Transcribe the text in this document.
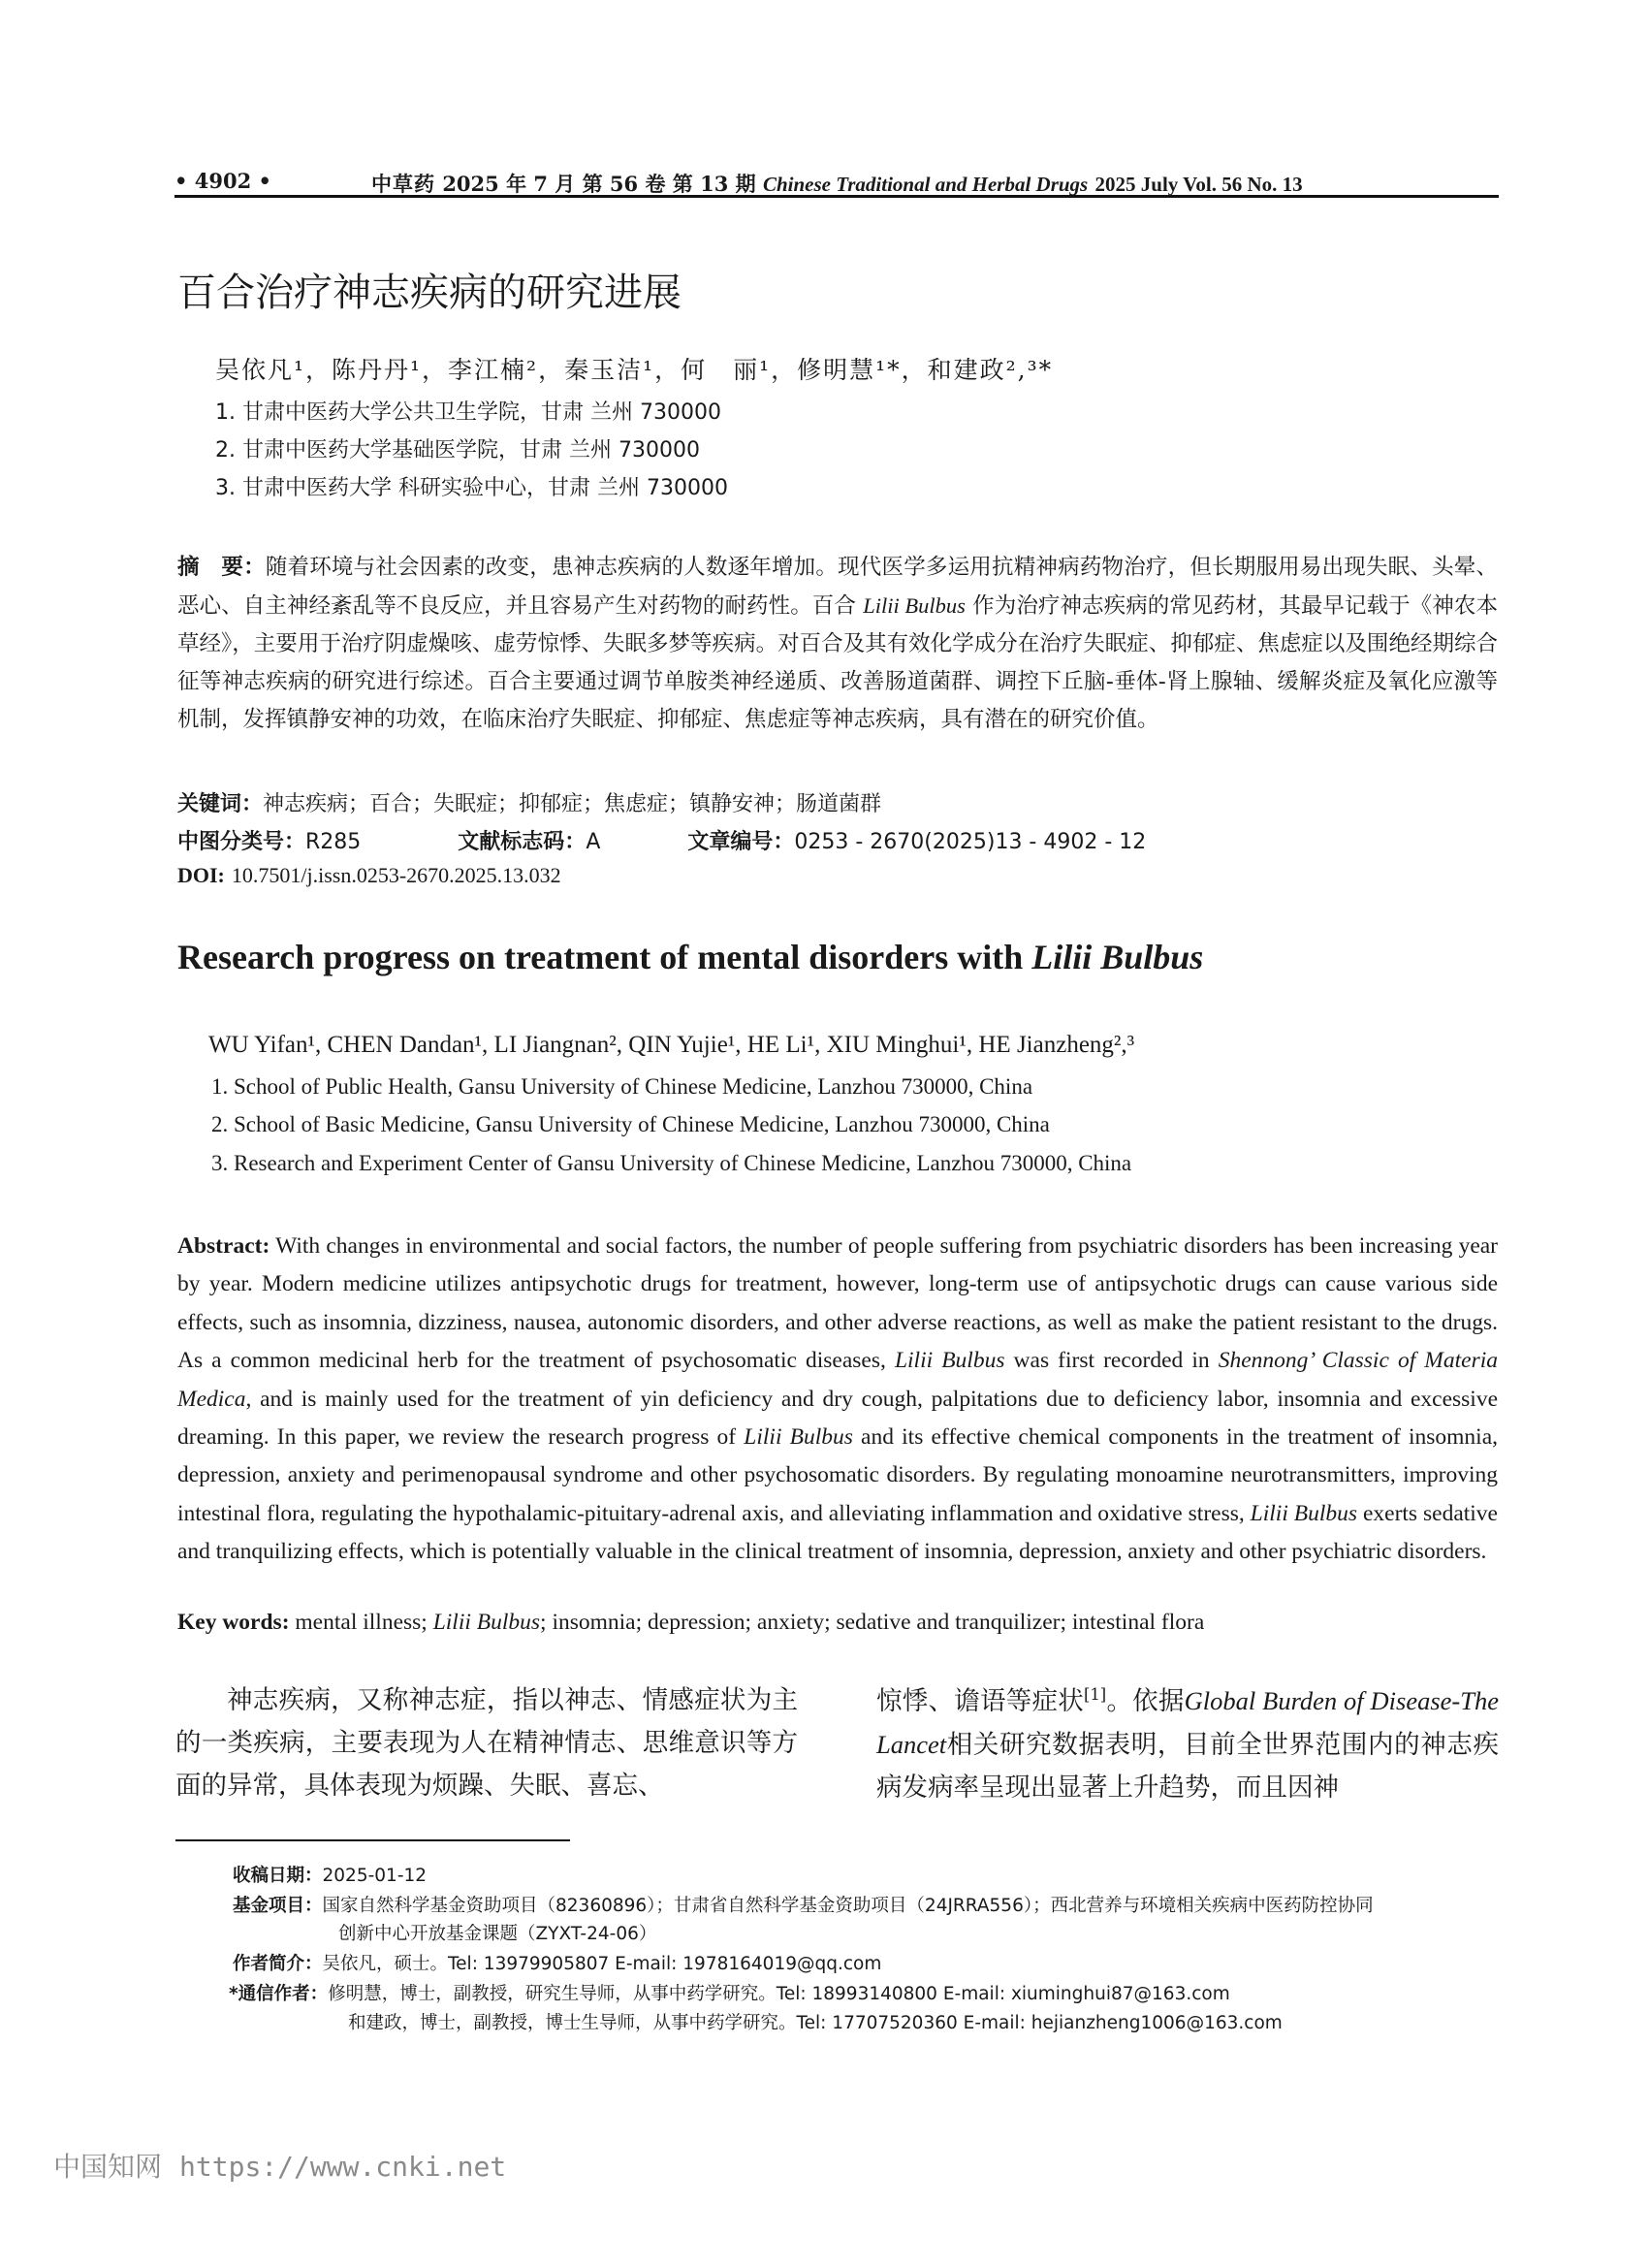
• 4902 •	中草药 2025 年 7 月 第 56 卷 第 13 期 Chinese Traditional and Herbal Drugs 2025 July Vol. 56 No. 13
百合治疗神志疾病的研究进展
吴依凡¹，陈丹丹¹，李江楠²，秦玉洁¹，何　丽¹，修明慧¹*，和建政²,³*
1. 甘肃中医药大学公共卫生学院，甘肃 兰州 730000
2. 甘肃中医药大学基础医学院，甘肃 兰州 730000
3. 甘肃中医药大学 科研实验中心，甘肃 兰州 730000
摘　要：随着环境与社会因素的改变，患神志疾病的人数逐年增加。现代医学多运用抗精神病药物治疗，但长期服用易出现失眠、头晕、恶心、自主神经紊乱等不良反应，并且容易产生对药物的耐药性。百合 Lilii Bulbus 作为治疗神志疾病的常见药材，其最早记载于《神农本草经》，主要用于治疗阴虚燥咳、虚劳惊悸、失眠多梦等疾病。对百合及其有效化学成分在治疗失眠症、抑郁症、焦虑症以及围绝经期综合征等神志疾病的研究进行综述。百合主要通过调节单胺类神经递质、改善肠道菌群、调控下丘脑-垂体-肾上腺轴、缓解炎症及氧化应激等机制，发挥镇静安神的功效，在临床治疗失眠症、抑郁症、焦虑症等神志疾病，具有潜在的研究价值。
关键词：神志疾病；百合；失眠症；抑郁症；焦虑症；镇静安神；肠道菌群
中图分类号：R285	文献标志码：A	文章编号：0253 - 2670(2025)13 - 4902 - 12
DOI: 10.7501/j.issn.0253-2670.2025.13.032
Research progress on treatment of mental disorders with Lilii Bulbus
WU Yifan¹, CHEN Dandan¹, LI Jiangnan², QIN Yujie¹, HE Li¹, XIU Minghui¹, HE Jianzheng²,³
1. School of Public Health, Gansu University of Chinese Medicine, Lanzhou 730000, China
2. School of Basic Medicine, Gansu University of Chinese Medicine, Lanzhou 730000, China
3. Research and Experiment Center of Gansu University of Chinese Medicine, Lanzhou 730000, China
Abstract: With changes in environmental and social factors, the number of people suffering from psychiatric disorders has been increasing year by year. Modern medicine utilizes antipsychotic drugs for treatment, however, long-term use of antipsychotic drugs can cause various side effects, such as insomnia, dizziness, nausea, autonomic disorders, and other adverse reactions, as well as make the patient resistant to the drugs. As a common medicinal herb for the treatment of psychosomatic diseases, Lilii Bulbus was first recorded in Shennong’ Classic of Materia Medica, and is mainly used for the treatment of yin deficiency and dry cough, palpitations due to deficiency labor, insomnia and excessive dreaming. In this paper, we review the research progress of Lilii Bulbus and its effective chemical components in the treatment of insomnia, depression, anxiety and perimenopausal syndrome and other psychosomatic disorders. By regulating monoamine neurotransmitters, improving intestinal flora, regulating the hypothalamic-pituitary-adrenal axis, and alleviating inflammation and oxidative stress, Lilii Bulbus exerts sedative and tranquilizing effects, which is potentially valuable in the clinical treatment of insomnia, depression, anxiety and other psychiatric disorders.
Key words: mental illness; Lilii Bulbus; insomnia; depression; anxiety; sedative and tranquilizer; intestinal flora
神志疾病，又称神志症，指以神志、情感症状为主的一类疾病，主要表现为人在精神情志、思维意识等方面的异常，具体表现为烦躁、失眠、喜忘、
惊悸、谵语等症状[1]。依据Global Burden of Disease-The Lancet相关研究数据表明，目前全世界范围内的神志疾病发病率呈现出显著上升趋势，而且因神
收稿日期：2025-01-12
基金项目：国家自然科学基金资助项目（82360896）；甘肃省自然科学基金资助项目（24JRRA556）；西北营养与环境相关疾病中医药防控协同
创新中心开放基金课题（ZYXT-24-06）
作者简介：吴依凡，硕士。Tel: 13979905807 E-mail: 1978164019@qq.com
*通信作者：修明慧，博士，副教授，研究生导师，从事中药学研究。Tel: 18993140800 E-mail: xiuminghui87@163.com
和建政，博士，副教授，博士生导师，从事中药学研究。Tel: 17707520360 E-mail: hejianzheng1006@163.com
中国知网 https://www.cnki.net
